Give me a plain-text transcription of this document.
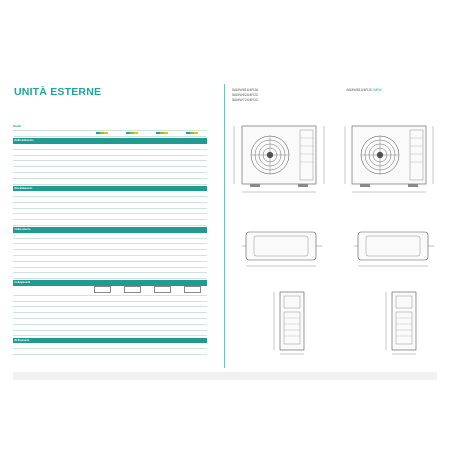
UNITÀ ESTERNE
Modelli
Raffreddamento
Riscaldamento
Unità esterna
Collegamenti
Refrigerante
5AMW81U4RJA
5AMW62U4RJC
5AMW72U4RJC
4AMW81U4RJC NEW
